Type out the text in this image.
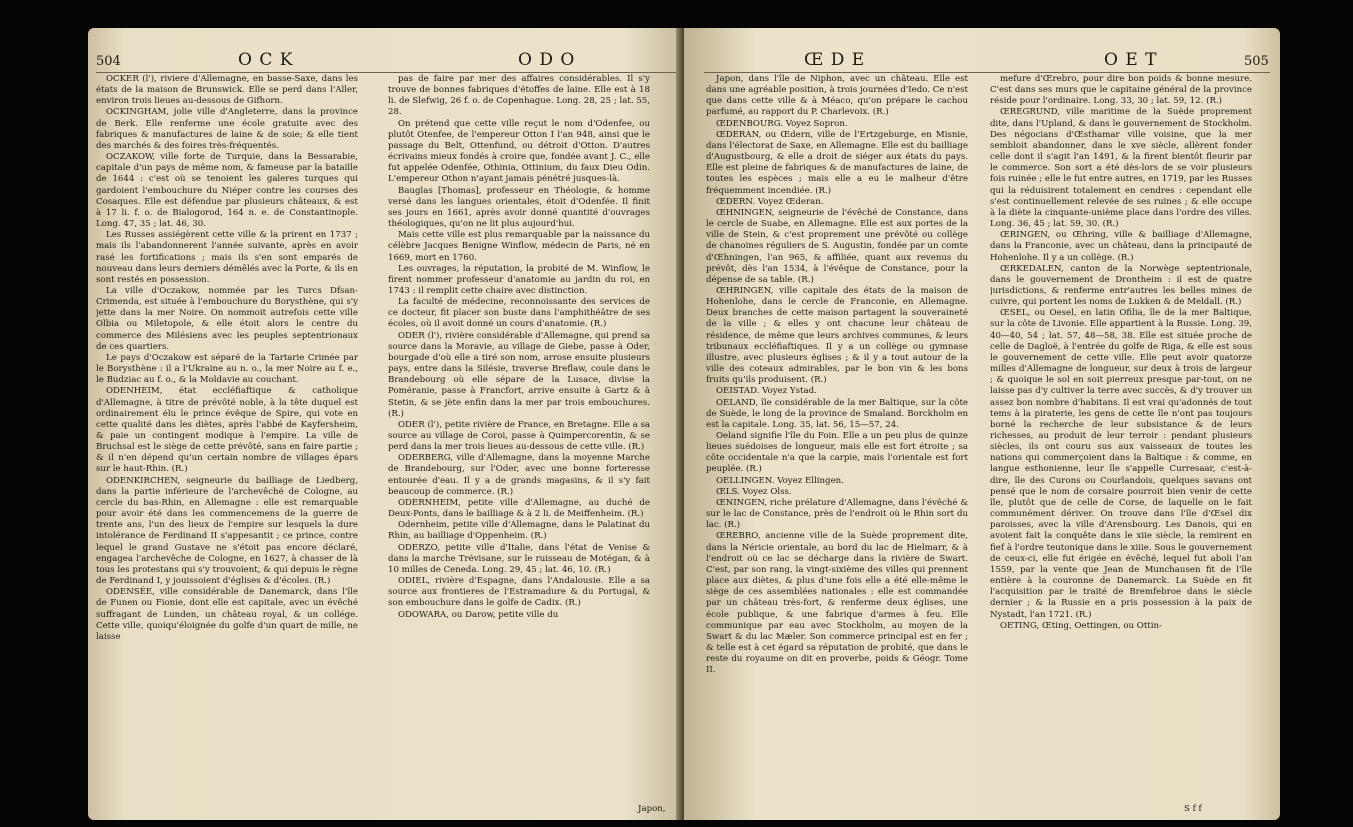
504	O C K	O D O

OCKER (l'), riviere d'Allemagne, en basse-Saxe, dans les états de la maison de Brunswick. Elle se perd dans l'Aller, environ trois lieues au-dessous de Gifhorn.

OCKINGHAM, jolie ville d'Angleterre, dans la province de Berk. Elle renferme une école gratuite avec des fabriques & manufactures de laine & de soie; & elle tient des marchés & des foires très-fréquentés.

OCZAKOW, ville forte de Turquie, dans la Bessarabie, capitale d'un pays de même nom, & fameuse par la bataille de 1644 : c'est où se tenoient les galeres turques qui gardoient l'embouchure du Niéper contre les courses des Cosaques. Elle est défendue par plusieurs châteaux, & est à 17 li. f. o. de Bialogorod, 164 n. e. de Constantinople. Long. 47, 35 ; lat. 46, 30.

Les Russes assiégèrent cette ville & la prirent en 1737 ; mais ils l'abandonnerent l'année suivante, après en avoir rasé les fortifications ; mais ils s'en sont emparés de nouveau dans leurs derniers démêlés avec la Porte, & ils en sont restés en possession.

La ville d'Oczakow, nommée par les Turcs Dfsan-Crimenda, est située à l'embouchure du Borysthène, qui s'y jette dans la mer Noire. On nommoit autrefois cette ville Olbia ou Miletopole, & elle étoit alors le centre du commerce des Milésiens avec les peuples septentrionaux de ces quartiers.

Le pays d'Oczakow est séparé de la Tartarie Crimée par le Borysthène : il a l'Ukraine au n. o., la mer Noire au f. e., le Budziac au f. o., & la Moldavie au couchant.

ODENHEIM, état eccléfiaftique & catholique d'Allemagne, à titre de prévôté noble, à la tête duquel est ordinairement élu le prince évêque de Spire, qui vote en cette qualité dans les diètes, après l'abbé de Kayfersheim, & paie un contingent modique à l'empire. La ville de Bruchsal est le siège de cette prévôté, sans en faire partie ; & il n'en dépend qu'un certain nombre de villages épars sur le haut-Rhin. (R.)

ODENKIRCHEN, seigneurie du bailliage de Liedberg, dans la partie inférieure de l'archevêché de Cologne, au cercle du bas-Rhin, en Allemagne : elle est remarquable pour avoir été dans les commencemens de la guerre de trente ans, l'un des lieux de l'empire sur lesquels la dure intolérance de Ferdinand II s'appesantit ; ce prince, contre lequel le grand Gustave ne s'étoit pas encore déclaré, engagea l'archevêche de Cologne, en 1627, à chasser de là tous les protestans qui s'y trouvoient, & qui depuis le règne de Ferdinand I, y jouissoient d'églises & d'écoles. (R.)

ODENSÉE, ville considérable de Danemarck, dans l'île de Funen ou Fionie, dont elle est capitale, avec un évêché suffragant de Lunden, un château royal, & un collége. Cette ville, quoiqu'éloignée du golfe d'un quart de mille, ne laisse

pas de faire par mer des affaires considérables. Il s'y trouve de bonnes fabriques d'étoffes de laine. Elle est à 18 li. de Slefwig, 26 f. o. de Copenhague. Long. 28, 25 ; lat. 55, 28.

On prétend que cette ville reçut le nom d'Odenfee, ou plutôt Otenfee, de l'empereur Otton I l'an 948, ainsi que le passage du Belt, Ottenfund, ou détroit d'Otton. D'autres écrivains mieux fondés à croire que, fondée avant J. C., elle fut appelée Odenfée, Othinia, Ottinium, du faux Dieu Odin. L'empereur Othon n'ayant jamais pénétré jusques-là.

Bauglas [Thomas], professeur en Théologie, & homme versé dans les langues orientales, étoit d'Odenfée. Il finit ses jours en 1661, après avoir donné quantité d'ouvrages théologiques, qu'on ne lit plus aujourd'hui.

Mais cette ville est plus remarquable par la naissance du célèbre Jacques Benigne Winflow, médecin de Paris, né en 1669, mort en 1760.

Les ouvrages, la réputation, la probité de M. Winflow, le firent nommer professeur d'anatomie au jardin du roi, en 1743 : il remplit cette chaire avec distinction.

La faculté de médecine, reconnoissante des services de ce docteur, fit placer son buste dans l'amphithéâtre de ses écoles, où il avoit donné un cours d'anatomie. (R.)

ODER (l'), rivière considérable d'Allemagne, qui prend sa source dans la Moravie, au village de Giebe, passe à Oder, bourgade d'où elle a tiré son nom, arrose ensuite plusieurs pays, entre dans la Silésie, traverse Breflaw, coule dans le Brandebourg où elle sépare de la Lusace, divise la Poméranie, passe à Francfort, arrive ensuite à Gartz & à Stetin, & se jète enfin dans la mer par trois embouchures. (R.)

ODER (l'), petite rivière de France, en Bretagne. Elle a sa source au village de Coroi, passe à Quimpercorentin, & se perd dans la mer trois lieues au-dessous de cette ville. (R.)

ODERBERG, ville d'Allemagne, dans la moyenne Marche de Brandebourg, sur l'Oder, avec une bonne forteresse entourée d'eau. Il y a de grands magasins, & il s'y fait beaucoup de commerce. (R.)

ODERNHEIM, petite ville d'Allemagne, au duché de Deux-Ponts, dans le bailliage & à 2 li. de Meiffenheim. (R.)

Odernheim, petite ville d'Allemagne, dans le Palatinat du Rhin, au bailliage d'Oppenheim. (R.)

ODERZO, petite ville d'Italie, dans l'état de Venise & dans la marche Trévisane, sur le ruisseau de Motégan, & à 10 milles de Ceneda. Long. 29, 45 ; lat. 46, 10. (R.)

ODIEL, rivière d'Espagne, dans l'Andalousie. Elle a sa source aux frontieres de l'Estramadure & du Portugal, & son embouchure dans le golfe de Cadix. (R.)

ODOWARA, ou Darow, petite ville du

Japon,
Œ D E	O E T	505

Japon, dans l'île de Niphon, avec un château. Elle est dans une agréable position, à trois journées d'Iedo. Ce n'est que dans cette ville & à Méaco, qu'on prépare le cachou parfumé, au rapport du P. Charlevoix. (R.)

ŒDENBOURG. Voyez Sopron.

ŒDERAN, ou Œdern, ville de l'Ertzgeburge, en Misnie, dans l'électorat de Saxe, en Allemagne. Elle est du bailliage d'Augustbourg, & elle a droit de siéger aux états du pays. Elle est pleine de fabriques & de manufactures de laine, de toutes les espèces ; mais elle a eu le malheur d'être fréquemment incendiée. (R.)

ŒDERN. Voyez Œderan.

ŒHNINGEN, seigneurie de l'évêché de Constance, dans le cercle de Suabe, en Allemagne. Elle est aux portes de la ville de Stein, & c'est proprement une prévôté ou collège de chanoines réguliers de S. Augustin, fondée par un comte d'Œhningen, l'an 965, & affiliée, quant aux revenus du prévôt, dès l'an 1534, à l'évêque de Constance, pour la dépense de sa table. (R.)

ŒHRINGEN, ville capitale des états de la maison de Hohenlohe, dans le cercle de Franconie, en Allemagne. Deux branches de cette maison partagent la souveraineté de la ville ; & elles y ont chacune leur château de résidence, de même que leurs archives communes, & leurs tribunaux eccléfiaftiques. Il y a un collège ou gymnase illustre, avec plusieurs églises ; & il y a tout autour de la ville des coteaux admirables, par le bon vin & les bons fruits qu'ils produisent. (R.)

OEISTAD. Voyez Ystad.

OELAND, île considérable de la mer Baltique, sur la côte de Suède, le long de la province de Smaland. Borckholm en est la capitale. Long. 35, lat. 56, 15—57, 24.

Oeland signifie l'île du Foin. Elle a un peu plus de quinze lieues suédoises de longueur, mais elle est fort étroite ; sa côte occidentale n'a que la carpie, mais l'orientale est fort peuplée. (R.)

OELLINGEN. Voyez Ellingen.

ŒLS. Voyez Olss.

ŒNINGEN, riche prélature d'Allemagne, dans l'évêché & sur le lac de Constance, près de l'endroit où le Rhin sort du lac. (R.)

ŒREBRO, ancienne ville de la Suède proprement dite, dans la Néricie orientale, au bord du lac de Hielmarr, & à l'endroit où ce lac se décharge dans la rivière de Swart. C'est, par son rang, la vingt-sixième des villes qui prennent place aux diètes, & plus d'une fois elle a été elle-même le siège de ces assemblées nationales : elle est commandée par un château très-fort, & renferme deux églises, une école publique, & une fabrique d'armes à feu. Elle communique par eau avec Stockholm, au moyen de la Swart & du lac Mæler. Son commerce principal est en fer ; & telle est à cet égard sa réputation de probité, que dans le reste du royaume on dit en proverbe, poids & Géogr. Tome II.

mefure d'Œrebro, pour dire bon poids & bonne mesure. C'est dans ses murs que le capitaine général de la province réside pour l'ordinaire. Long. 33, 30 ; lat. 59, 12. (R.)

ŒREGRUND, ville maritime de la Suède proprement dite, dans l'Upland, & dans le gouvernement de Stockholm. Des négocians d'Œsthamar ville voisine, que la mer sembloit abandonner, dans le xve siècle, allèrent fonder celle dont il s'agit l'an 1491, & la firent bientôt fleurir par le commerce. Son sort a été dès-lors de se voir plusieurs fois ruinée ; elle le fut entre autres, en 1719, par les Russes qui la réduisirent totalement en cendres : cependant elle s'est continuellement relevée de ses ruines ; & elle occupe à la diète la cinquante-unième place dans l'ordre des villes. Long. 36, 45 ; lat. 59, 30. (R.)

ŒRINGEN, ou Œhring, ville & bailliage d'Allemagne, dans la Franconie, avec un château, dans la principauté de Hohenlohe. Il y a un collège. (R.)

ŒRKEDALEN, canton de la Norwège septentrionale, dans le gouvernement de Drontheim : il est de quatre jurisdictions, & renferme entr'autres les belles mines de cuivre, qui portent les noms de Lukken & de Meldall. (R.)

ŒSEL, ou Oesel, en latin Ofilia, île de la mer Baltique, sur la côte de Livonie. Elle appartient à la Russie. Long. 39, 40—40, 54 ; lat. 57, 48—58, 38. Elle est située proche de celle de Dagloë, à l'entrée du golfe de Riga, & elle est sous le gouvernement de cette ville. Elle peut avoir quatorze milles d'Allemagne de longueur, sur deux à trois de largeur ; & quoique le sol en soit pierreux presque par-tout, on ne laisse pas d'y cultiver la terre avec succès, & d'y trouver un assez bon nombre d'habitans. Il est vrai qu'adonnés de tout tems à la piraterie, les gens de cette île n'ont pas toujours borné la recherche de leur subsistance & de leurs richesses, au produit de leur terroir : pendant plusieurs siècles, ils ont couru sus aux vaisseaux de toutes les nations qui commerçoient dans la Baltique : & comme, en langue esthonienne, leur île s'appelle Curresaar, c'est-à-dire, île des Curons ou Courlandois, quelques savans ont pensé que le nom de corsaire pourroit bien venir de cette île, plutôt que de celle de Corse, de laquelle on le fait communément dériver. On trouve dans l'île d'Œsel dix paroisses, avec la ville d'Arensbourg. Les Danois, qui en avoient fait la conquête dans le xiie siècle, la remirent en fief à l'ordre teutonique dans le xiiie. Sous le gouvernement de ceux-ci, elle fut érigée en évêché, lequel fut aboli l'an 1559, par la vente que Jean de Munchausen fit de l'île entière à la couronne de Danemarck. La Suède en fit l'acquisition par le traité de Bremfebroe dans le siècle dernier ; & la Russie en a pris possession à la paix de Nystadt, l'an 1721. (R.)

OETING, Œting, Oettingen, ou Ottin-

S f f
